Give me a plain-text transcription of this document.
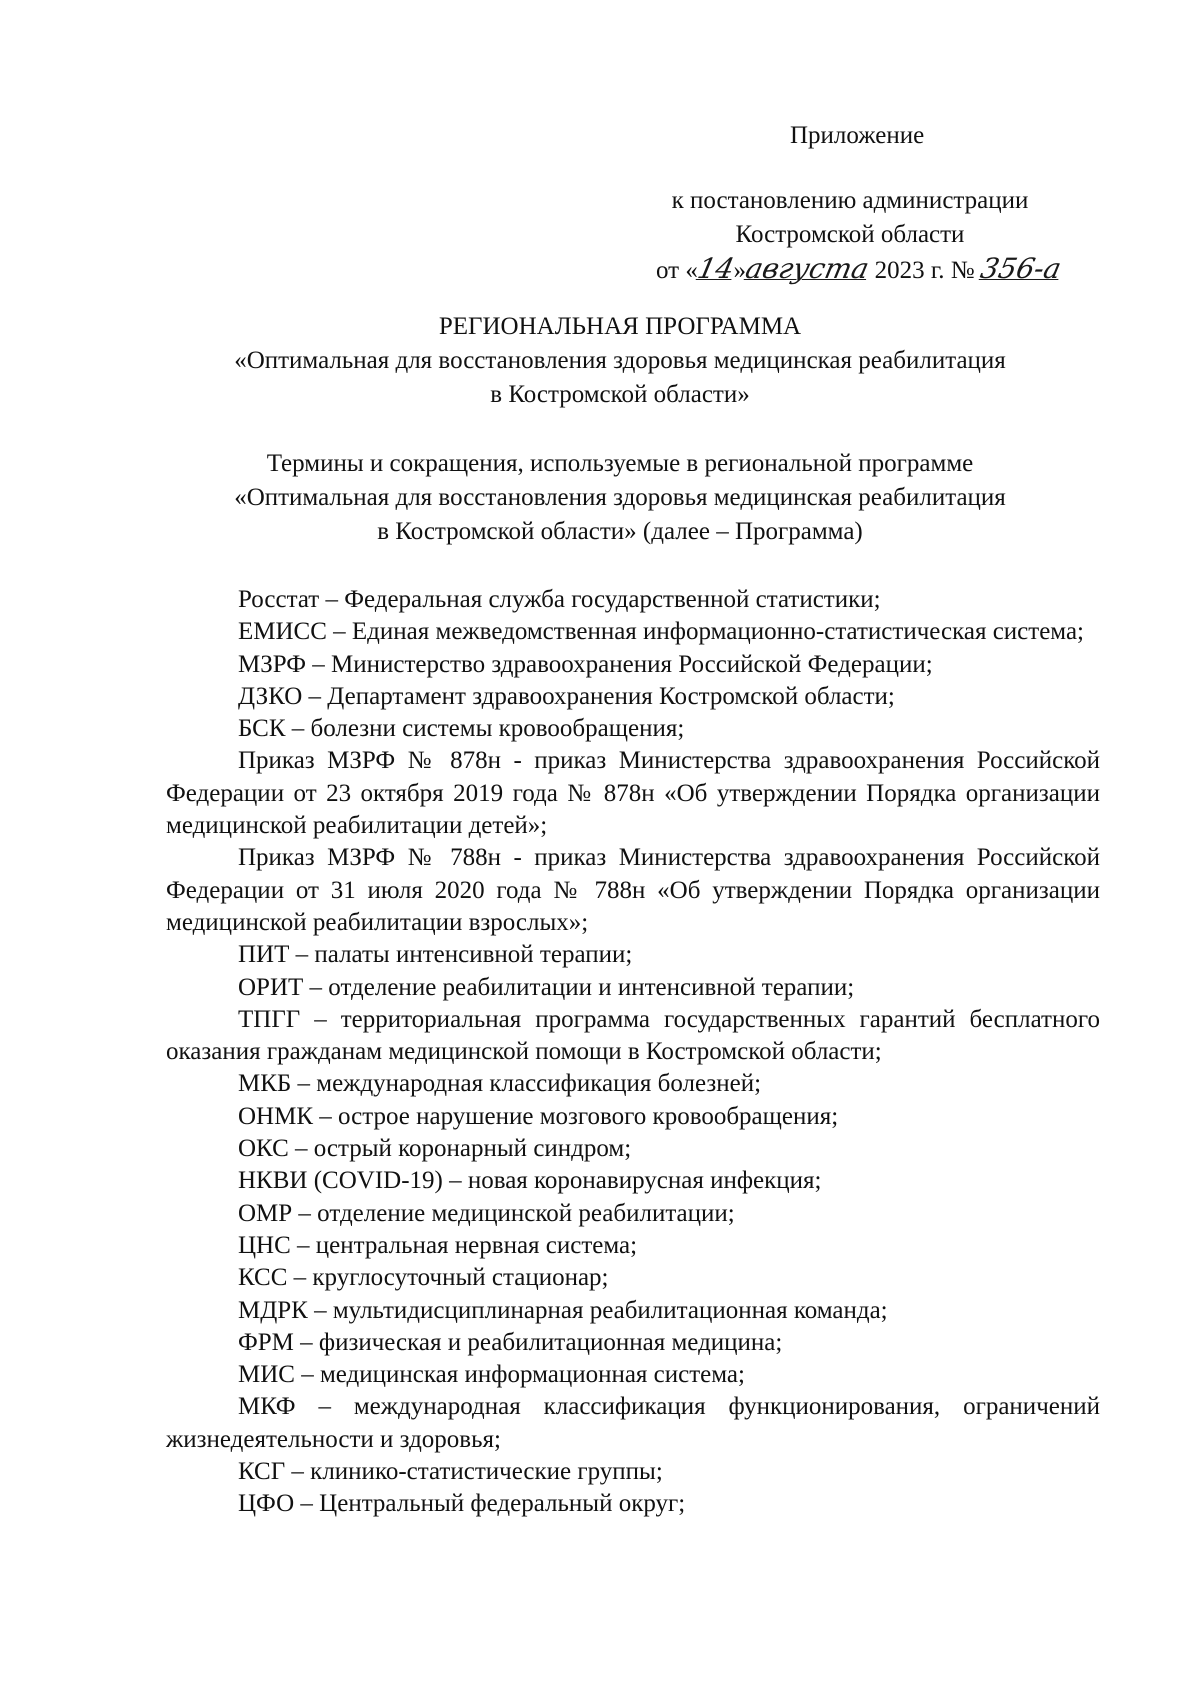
Приложение
к постановлению администрации
Костромской области
от «14»августа 2023 г. № 356-а
РЕГИОНАЛЬНАЯ ПРОГРАММА
«Оптимальная для восстановления здоровья медицинская реабилитация
в Костромской области»
Термины и сокращения, используемые в региональной программе
«Оптимальная для восстановления здоровья медицинская реабилитация
в Костромской области» (далее – Программа)

Росстат – Федеральная служба государственной статистики;

ЕМИСС – Единая межведомственная информационно-статистическая система;

МЗРФ – Министерство здравоохранения Российской Федерации;

ДЗКО – Департамент здравоохранения Костромской области;

БСК – болезни системы кровообращения;

Приказ МЗРФ № 878н - приказ Министерства здравоохранения Российской Федерации от 23 октября 2019 года № 878н «Об утверждении Порядка организации медицинской реабилитации детей»;

Приказ МЗРФ № 788н - приказ Министерства здравоохранения Российской Федерации от 31 июля 2020 года № 788н «Об утверждении Порядка организации медицинской реабилитации взрослых»;

ПИТ – палаты интенсивной терапии;

ОРИТ – отделение реабилитации и интенсивной терапии;

ТПГГ – территориальная программа государственных гарантий бесплатного оказания гражданам медицинской помощи в Костромской области;

МКБ – международная классификация болезней;

ОНМК – острое нарушение мозгового кровообращения;

ОКС – острый коронарный синдром;

НКВИ (COVID-19) – новая коронавирусная инфекция;

ОМР – отделение медицинской реабилитации;

ЦНС – центральная нервная система;

КСС – круглосуточный стационар;

МДРК – мультидисциплинарная реабилитационная команда;

ФРМ – физическая и реабилитационная медицина;

МИС – медицинская информационная система;

МКФ – международная классификация функционирования, ограничений жизнедеятельности и здоровья;

КСГ – клинико-статистические группы;

ЦФО – Центральный федеральный округ;
